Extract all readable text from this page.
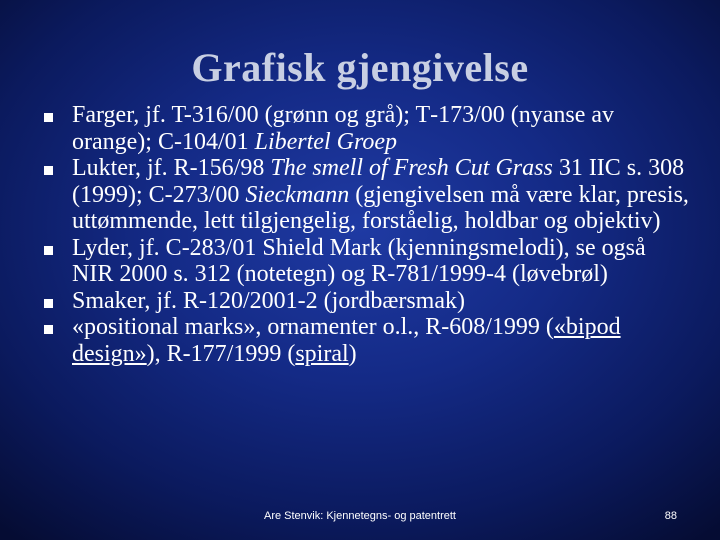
Grafisk gjengivelse
Farger, jf. T-316/00 (grønn og grå); T‑173/00 (nyanse av orange); C-104/01 Libertel Groep
Lukter, jf. R-156/98 The smell of Fresh Cut Grass 31 IIC s. 308 (1999); C-273/00 Sieckmann (gjengivelsen må være klar, presis, uttømmende, lett tilgjengelig, forståelig, holdbar og objektiv)
Lyder, jf. C-283/01 Shield Mark (kjenningsmelodi), se også NIR 2000 s. 312 (notetegn) og R-781/1999-4 (løvebrøl)
Smaker, jf. R-120/2001-2 (jordbærsmak)
«positional marks», ornamenter o.l., R-608/1999 («bipod design»), R-177/1999 (spiral)
Are Stenvik: Kjennetegns- og patentrett	88
